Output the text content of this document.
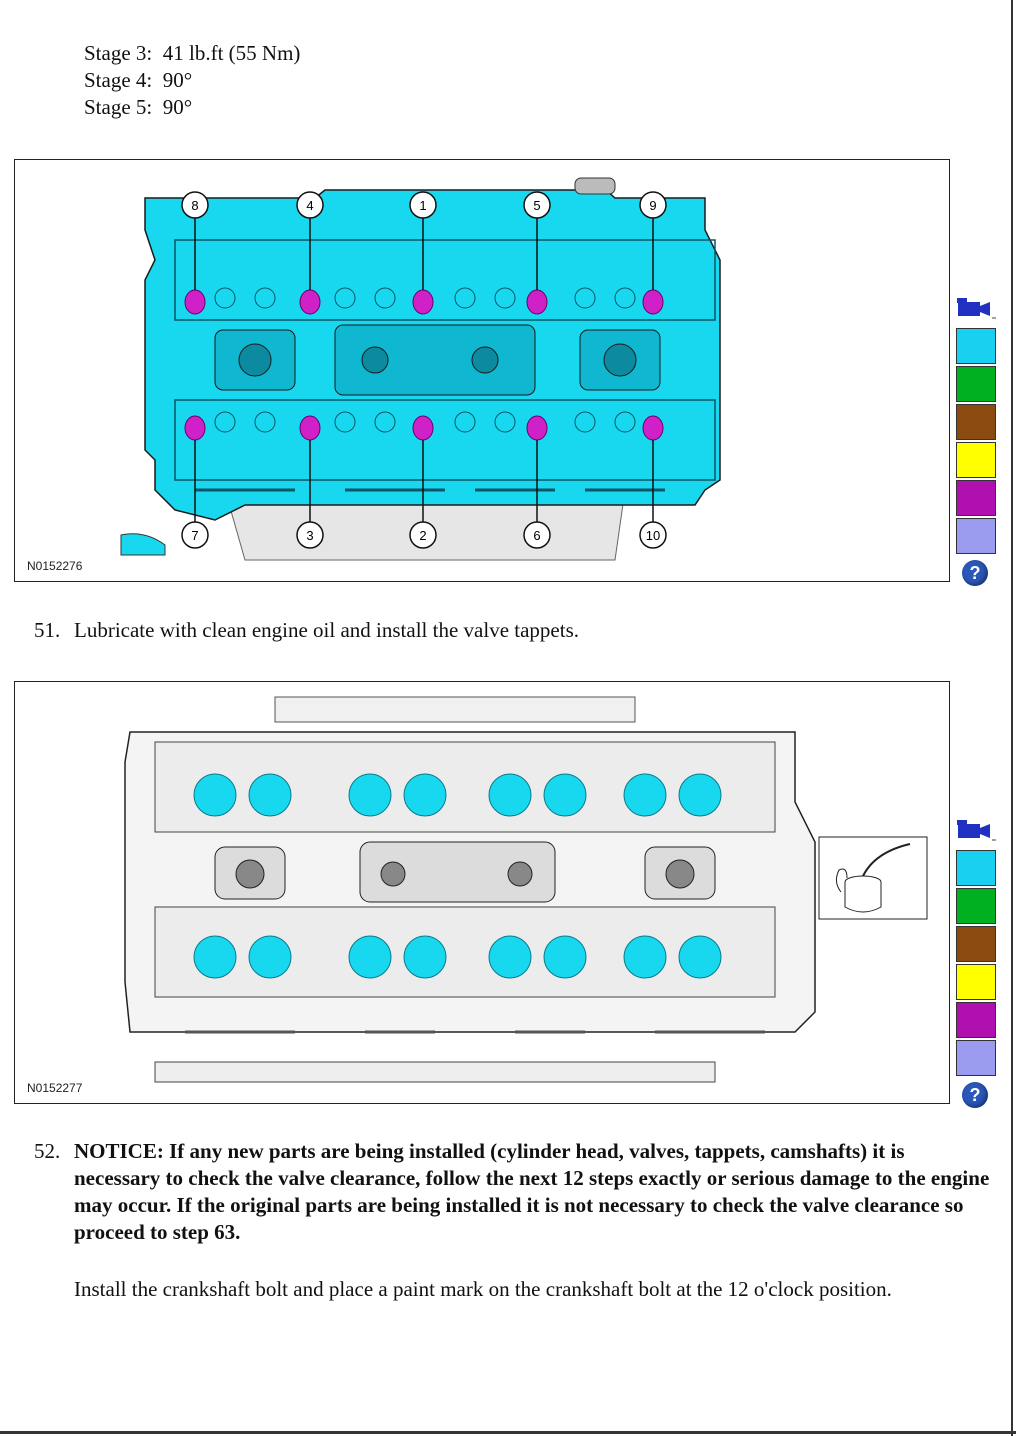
Stage 3: 41 lb.ft (55 Nm)
Stage 4: 90°
Stage 5: 90°
8
7
4
3
1
2
5
6
9
10
N0152276	?
51. Lubricate with clean engine oil and install the valve tappets.
N0152277	?
52. NOTICE: If any new parts are being installed (cylinder head, valves, tappets, camshafts) it is necessary to check the valve clearance, follow the next 12 steps exactly or serious damage to the engine may occur. If the original parts are being installed it is not necessary to check the valve clearance so proceed to step 63.
Install the crankshaft bolt and place a paint mark on the crankshaft bolt at the 12 o'clock position.
